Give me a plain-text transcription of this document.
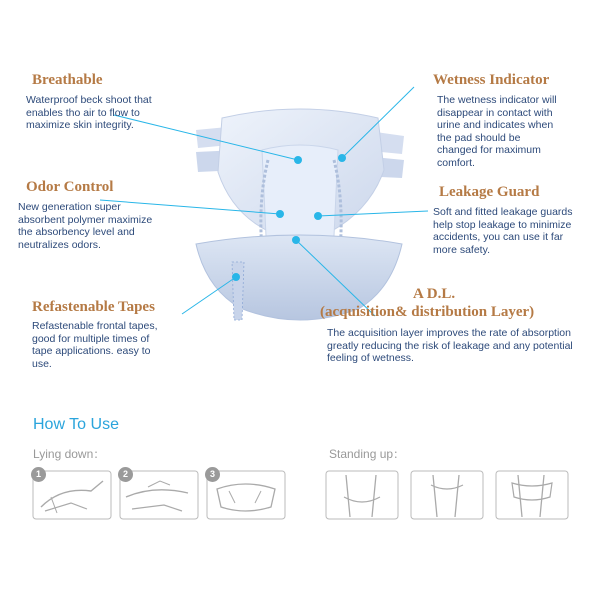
Breathable
Waterproof beck shoot that enables tho air to flow to maximize skin integrity.
Odor Control
New generation super absorbent polymer maximize the absorbency level and neutralizes odors.
Refastenable Tapes
Refastenable frontal tapes, good for multiple times of tape applications. easy to use.
Wetness Indicator
The wetness indicator will disappear in contact with urine and indicates when the pad should be changed for maximum comfort.
Leakage Guard
Soft and fitted leakage guards help stop leakage to minimize accidents, you can use it far more safety.
A D.L.
(acquisition& distribution Layer)
The acquisition layer improves the rate of absorption greatly reducing the risk of leakage and any potential feeling of wetness.
How To Use
Lying down：	Standing up：
1	2	3
